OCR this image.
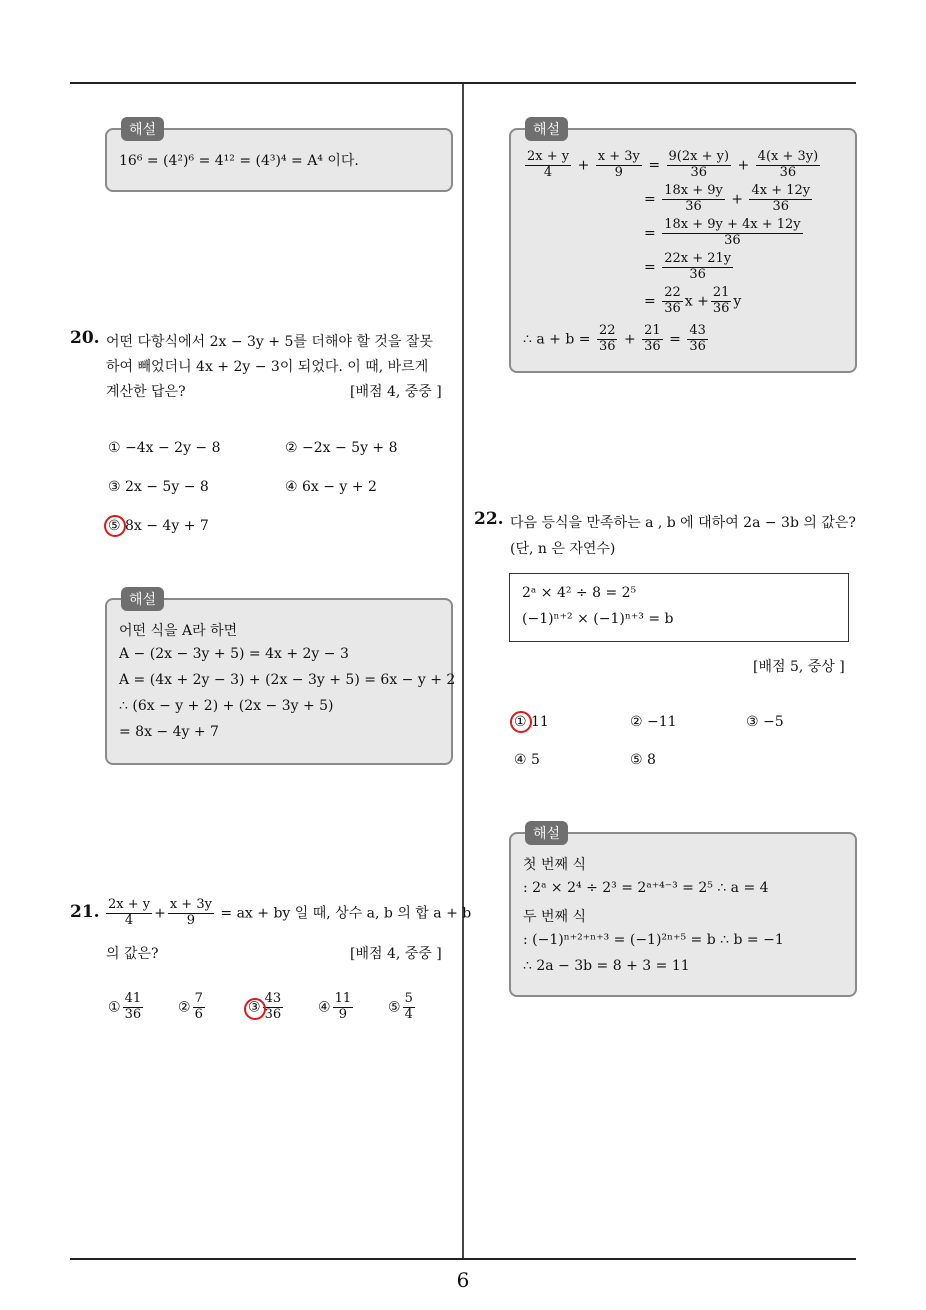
6
해설
16⁶ = (4²)⁶ = 4¹² = (4³)⁴ = A⁴ 이다.
20. 어떤 다항식에서 2x − 3y + 5를 더해야 할 것을 잘못
하여 빼었더니 4x + 2y − 3이 되었다. 이 때, 바르게
계산한 답은?	[배점 4, 중중 ]
① −4x − 2y − 8	② −2x − 5y + 8
③ 2x − 5y − 8	④ 6x − y + 2
⑤ 8x − 4y + 7
해설
어떤 식을 A라 하면
A − (2x − 3y + 5) = 4x + 2y − 3
A = (4x + 2y − 3) + (2x − 3y + 5) = 6x − y + 2
∴ (6x − y + 2) + (2x − 3y + 5)
= 8x − 4y + 7
21. $\frac{2x + y}{4} + \frac{x + 3y}{9}$ = ax + by 일 때, 상수 a, b 의 합 a + b
의 값은?	[배점 4, 중중 ]
① $\frac{41}{36}$ ② $\frac{7}{6}$	③ $\frac{43}{36}$ ④ $\frac{11}{9}$ ⑤ $\frac{5}{4}$
해설
$\frac{2x + y}{4} + \frac{x + 3y}{9} = \frac{9(2x + y)}{36} + \frac{4(x + 3y)}{36}$
= $\frac{18x + 9y}{36} + \frac{4x + 12y}{36}$
= $\frac{18x + 9y + 4x + 12y}{36}$
= $\frac{22x + 21y}{36}$
= $\frac{22}{36}$ $x + \frac{21}{36}$ y
∴ $a + b = \frac{22}{36} + \frac{21}{36} = \frac{43}{36}$
22. 다음 등식을 만족하는 a , b 에 대하여 2a − 3b 의 값은?
(단, n 은 자연수)
2ᵃ × 4² ÷ 8 = 2⁵
(−1)ⁿ⁺² × (−1)ⁿ⁺³ = b
[배점 5, 중상 ]
① 11	② −11	③ −5
④ 5	⑤ 8
해설
첫 번째 식
: 2ᵃ × 2⁴ ÷ 2³ = 2ᵃ⁺⁴⁻³ = 2⁵ ∴ a = 4
두 번째 식
: (−1)ⁿ⁺²⁺ⁿ⁺³ = (−1)²ⁿ⁺⁵ = b ∴ b = −1
∴ 2a − 3b = 8 + 3 = 11
